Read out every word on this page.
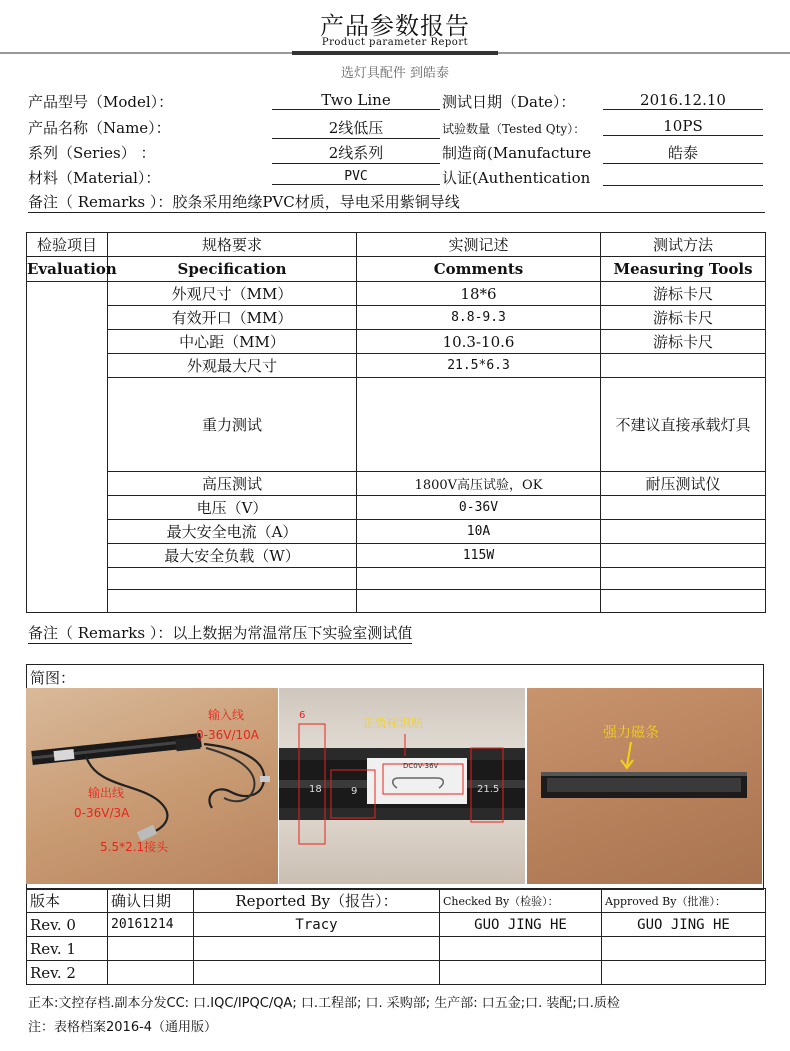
产品参数报告
Product parameter Report
选灯具配件 到皓泰
产品型号（Model）：	Two Line	测试日期（Date）：	2016.12.10
产品名称（Name）：	2线低压	试验数量（Tested Qty）：	10PS
系列（Series） ：	2线系列	制造商(Manufacture	皓泰
材料（Material）：	PVC	认证(Authentication
备注（ Remarks ）：胶条采用绝缘PVC材质，导电采用紫铜导线
检验项目	规格要求	实测记述	测试方法
Evaluation	Specification	Comments	Measuring Tools
	外观尺寸（MM）	18*6	游标卡尺
	有效开口（MM）	8.8-9.3	游标卡尺
	中心距（MM）	10.3-10.6	游标卡尺
	外观最大尺寸	21.5*6.3	
	重力测试		不建议直接承载灯具
	高压测试	1800V高压试验，OK	耐压测试仪
	电压（V）	0-36V	
	最大安全电流（A）	10A	
	最大安全负载（W）	115W	

备注（ Remarks ）：以上数据为常温常压下实验室测试值
简图：
输入线
0-36V/10A
输出线
0-36V/3A
5.5*2.1接头
正负标识贴
6
18	9	21.5
DC0V-36V
强力磁条
版本	确认日期	Reported By（报告）：	Checked By（检验）：	Approved By（批准）：
Rev. 0	20161214	Tracy	GUO JING HE	GUO JING HE
Rev. 1				
Rev. 2				
正本:文控存档.副本分发CC: 口.IQC/IPQC/QA; 口.工程部; 口. 采购部; 生产部: 口五金;口. 装配;口.质检
注：表格档案2016-4（通用版）
